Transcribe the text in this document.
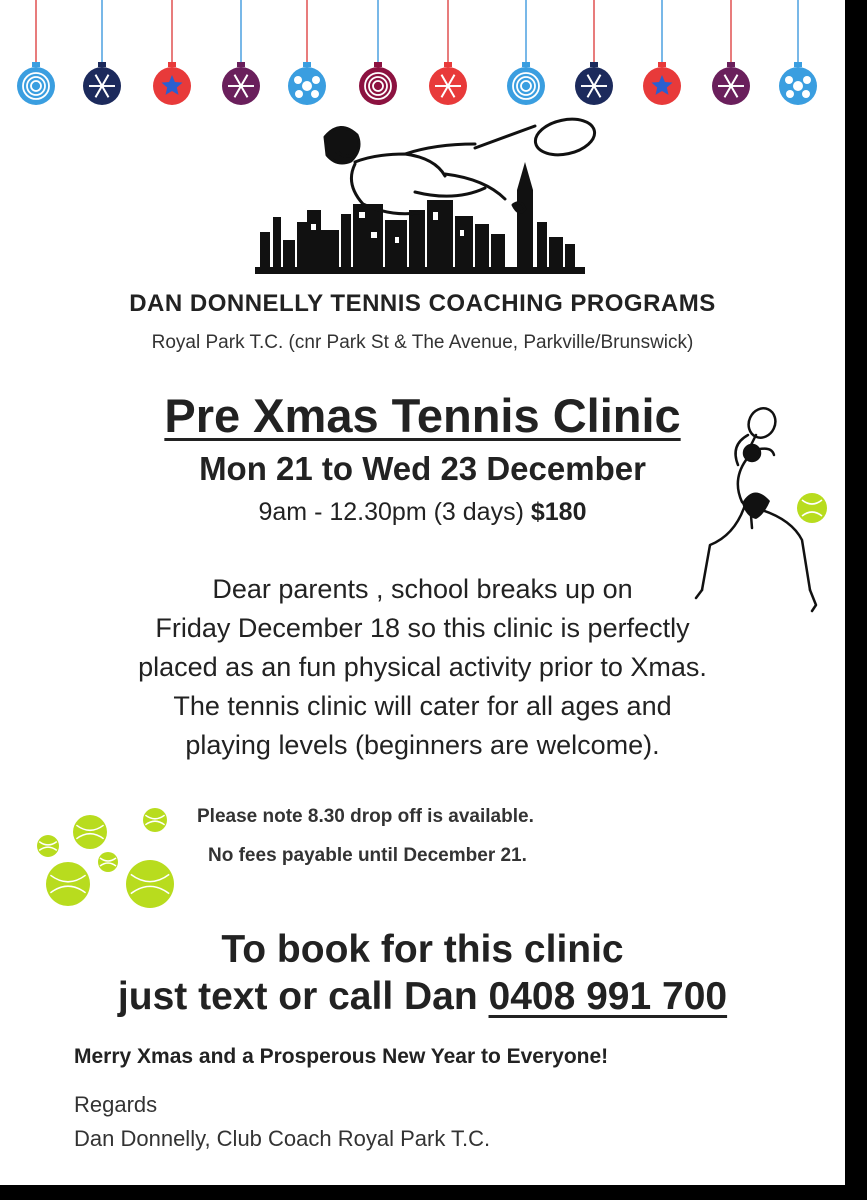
DAN DONNELLY TENNIS COACHING PROGRAMS
Royal Park T.C. (cnr Park St & The Avenue, Parkville/Brunswick)
Pre Xmas Tennis Clinic
Mon 21 to Wed 23 December
9am - 12.30pm (3 days) $180
Dear parents , school breaks up on
Friday December 18 so this clinic is perfectly
placed as an fun physical activity prior to Xmas.
The tennis clinic will cater for all ages and
playing levels (beginners are welcome).
Please note 8.30 drop off is available.
No fees payable until December 21.
To book for this clinic
just text or call Dan 0408 991 700
Merry Xmas and a Prosperous New Year to Everyone!
Regards
Dan Donnelly, Club Coach Royal Park T.C.
